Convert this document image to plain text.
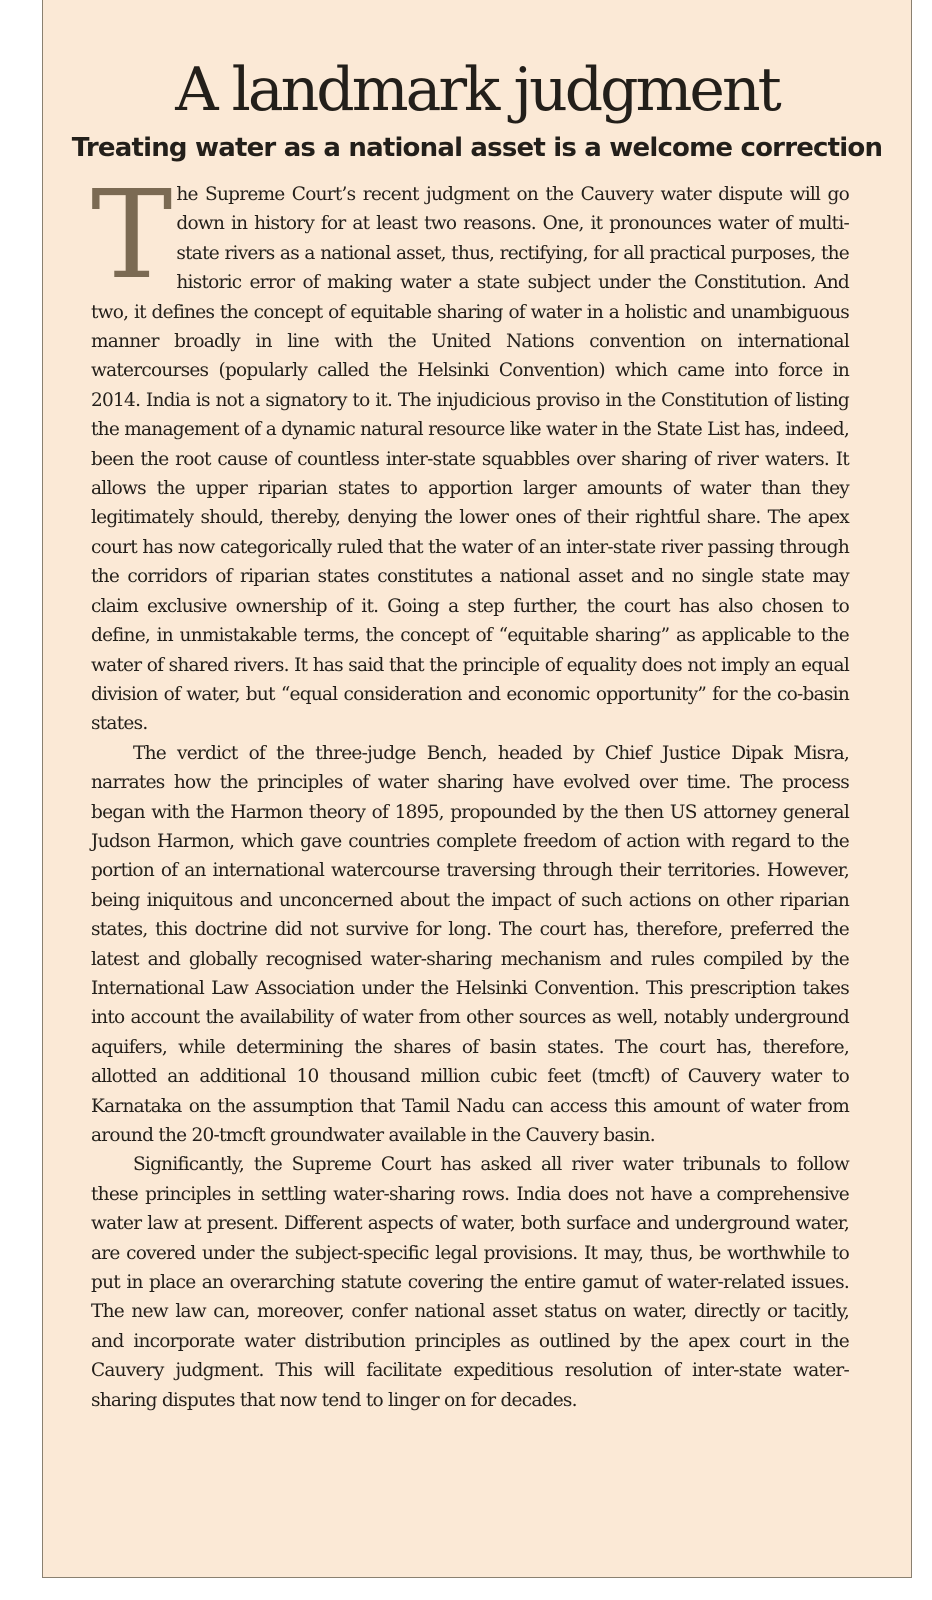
A landmark judgment
Treating water as a national asset is a welcome correction

The Supreme Court’s recent judgment on the Cauvery water dispute will go down in history for at least two reasons. One, it pronounces water of multi-state rivers as a national asset, thus, rectifying, for all practical purposes, the historic error of making water a state subject under the Constitution. And two, it defines the concept of equitable sharing of water in a holistic and unambiguous manner broadly in line with the United Nations convention on international watercourses (popularly called the Helsinki Convention) which came into force in 2014. India is not a signatory to it. The injudicious proviso in the Constitution of listing the management of a dynamic natural resource like water in the State List has, indeed, been the root cause of countless inter-state squabbles over sharing of river waters. It allows the upper riparian states to apportion larger amounts of water than they legitimately should, thereby, denying the lower ones of their rightful share. The apex court has now categorically ruled that the water of an inter-state river passing through the corridors of riparian states constitutes a national asset and no single state may claim exclusive ownership of it. Going a step further, the court has also chosen to define, in unmistakable terms, the concept of “equitable sharing” as applicable to the water of shared rivers. It has said that the principle of equality does not imply an equal division of water, but “equal consideration and economic opportunity” for the co-basin states.

The verdict of the three-judge Bench, headed by Chief Justice Dipak Misra, narrates how the principles of water sharing have evolved over time. The process began with the Harmon theory of 1895, propounded by the then US attorney general Judson Harmon, which gave countries complete freedom of action with regard to the portion of an international watercourse traversing through their territories. However, being iniquitous and unconcerned about the impact of such actions on other riparian states, this doctrine did not survive for long. The court has, therefore, preferred the latest and globally recognised water-sharing mechanism and rules compiled by the International Law Association under the Helsinki Convention. This prescription takes into account the availability of water from other sources as well, notably underground aquifers, while determining the shares of basin states. The court has, therefore, allotted an additional 10 thousand million cubic feet (tmcft) of Cauvery water to Karnataka on the assumption that Tamil Nadu can access this amount of water from around the 20-tmcft groundwater available in the Cauvery basin.

Significantly, the Supreme Court has asked all river water tribunals to follow these principles in settling water-sharing rows. India does not have a comprehensive water law at present. Different aspects of water, both surface and underground water, are covered under the subject-specific legal provisions. It may, thus, be worthwhile to put in place an overarching statute covering the entire gamut of water-related issues. The new law can, moreover, confer national asset status on water, directly or tacitly, and incorporate water distribution principles as outlined by the apex court in the Cauvery judgment. This will facilitate expeditious resolution of inter-state water-sharing disputes that now tend to linger on for decades.
